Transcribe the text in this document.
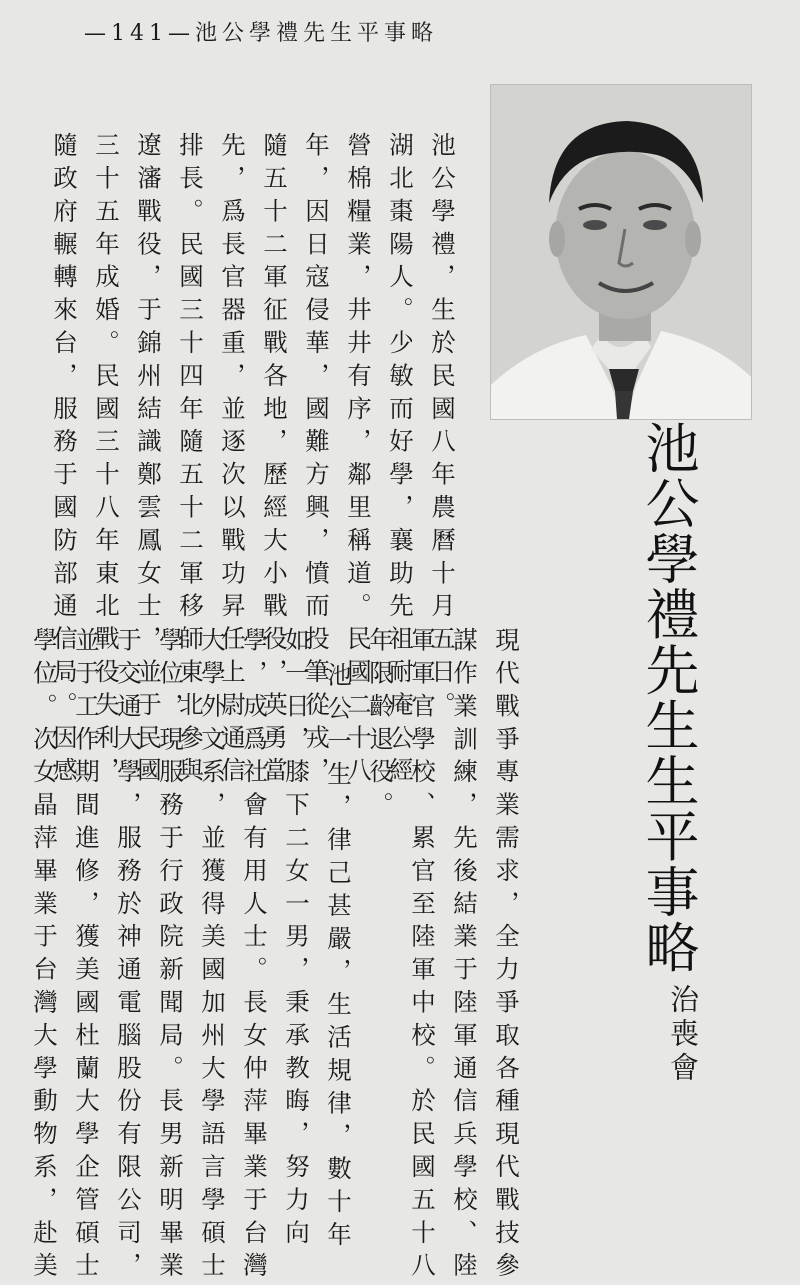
—141—池公學禮先生平事略
池公學禮，生於民國八年農曆十月五日。
湖北棗陽人。少敏而好學，襄助先祖耐庵公經
營棉糧業，井井有序，鄰里稱道。民國二十八
年，因日寇侵華，國難方興，憤而投筆從戎，
隨五十二軍征戰各地，歷經大小戰役，英勇當
先，爲長官器重，並逐次以戰功昇任上尉通信
排長。民國三十四年隨五十二軍移師東北參與
遼瀋戰役，于錦州結識鄭雲鳳女士，並于民國
三十五年成婚。民國三十八年東北戰役失利，
隨政府輾轉來台，服務于國防部通信局。因感	池公學禮先生生平事略
現代戰爭專業需求，全力爭取各種現代戰技參
謀作業訓練，先後結業于陸軍通信兵學校、陸
軍軍官學校、累官至陸軍中校。於民國五十八
年限齡退役。
池公一生，律己甚嚴，生活規律，數十年
如一日，膝下二女一男，秉承教晦，努力向
學，成爲社會有用人士。長女仲萍畢業于台灣
大學外文系，並獲得美國加州大學語言學碩士
學位，現服務于行政院新聞局。長男新明畢業
于交通大學，服務於神通電腦股份有限公司，
並于工作期間進修，獲美國杜蘭大學企管碩士
學位。次女晶萍畢業于台灣大學動物系，赴美	治喪會
